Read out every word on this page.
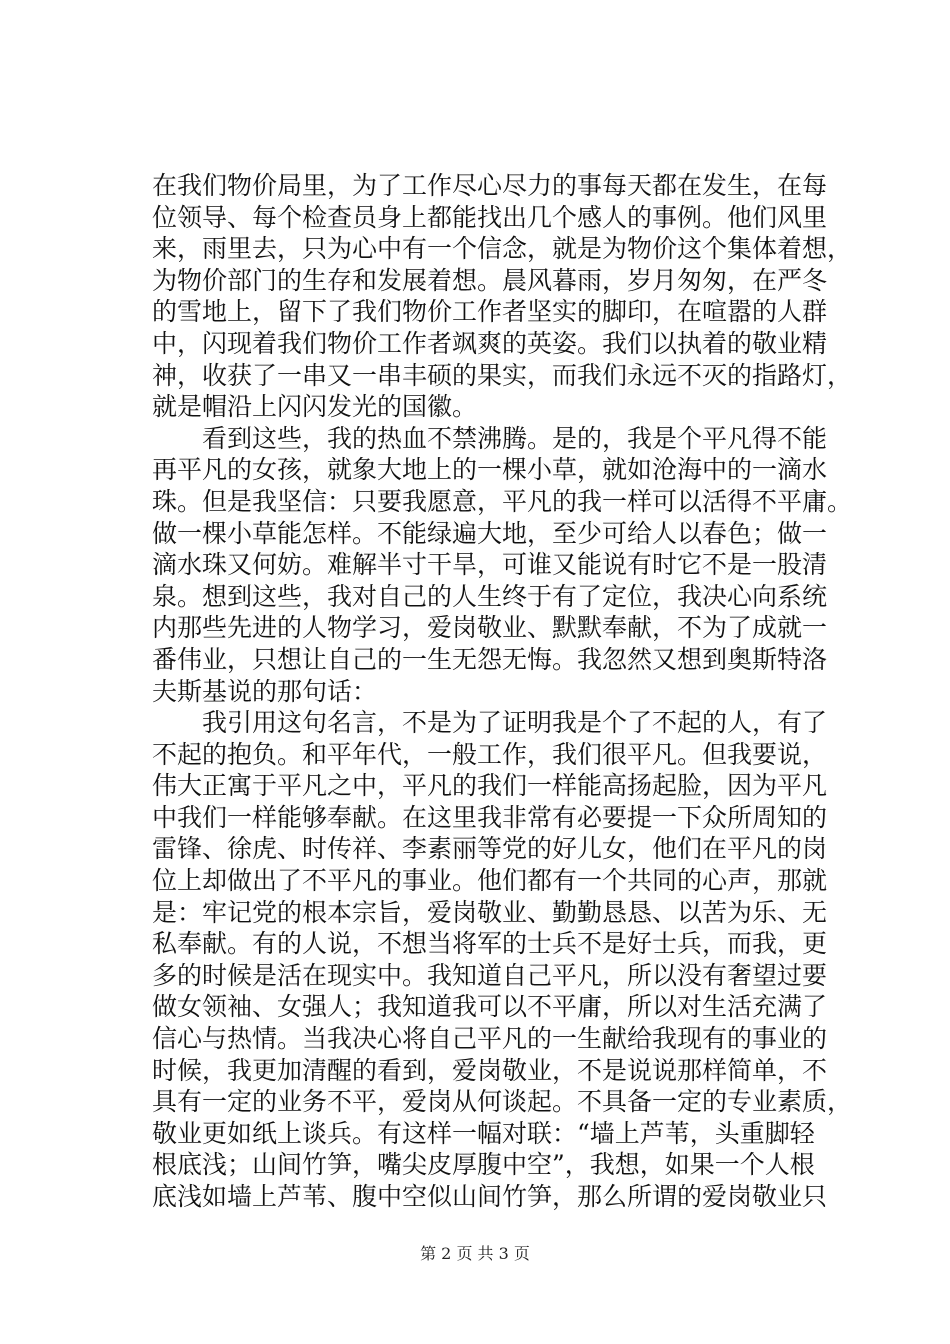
在我们物价局里，为了工作尽心尽力的事每天都在发生，在每
位领导、每个检查员身上都能找出几个感人的事例。他们风里
来，雨里去，只为心中有一个信念，就是为物价这个集体着想，
为物价部门的生存和发展着想。晨风暮雨，岁月匆匆，在严冬
的雪地上，留下了我们物价工作者坚实的脚印，在喧嚣的人群
中，闪现着我们物价工作者飒爽的英姿。我们以执着的敬业精
神，收获了一串又一串丰硕的果实，而我们永远不灭的指路灯，
就是帽沿上闪闪发光的国徽。
看到这些，我的热血不禁沸腾。是的，我是个平凡得不能
再平凡的女孩，就象大地上的一棵小草，就如沧海中的一滴水
珠。但是我坚信：只要我愿意，平凡的我一样可以活得不平庸。
做一棵小草能怎样。不能绿遍大地，至少可给人以春色；做一
滴水珠又何妨。难解半寸干旱，可谁又能说有时它不是一股清
泉。想到这些，我对自己的人生终于有了定位，我决心向系统
内那些先进的人物学习，爱岗敬业、默默奉献，不为了成就一
番伟业，只想让自己的一生无怨无悔。我忽然又想到奥斯特洛
夫斯基说的那句话：
我引用这句名言，不是为了证明我是个了不起的人，有了
不起的抱负。和平年代，一般工作，我们很平凡。但我要说，
伟大正寓于平凡之中，平凡的我们一样能高扬起脸，因为平凡
中我们一样能够奉献。在这里我非常有必要提一下众所周知的
雷锋、徐虎、时传祥、李素丽等党的好儿女，他们在平凡的岗
位上却做出了不平凡的事业。他们都有一个共同的心声，那就
是：牢记党的根本宗旨，爱岗敬业、勤勤恳恳、以苦为乐、无
私奉献。有的人说，不想当将军的士兵不是好士兵，而我，更
多的时候是活在现实中。我知道自己平凡，所以没有奢望过要
做女领袖、女强人；我知道我可以不平庸，所以对生活充满了
信心与热情。当我决心将自己平凡的一生献给我现有的事业的
时候，我更加清醒的看到，爱岗敬业，不是说说那样简单，不
具有一定的业务不平，爱岗从何谈起。不具备一定的专业素质，
敬业更如纸上谈兵。有这样一幅对联：“墙上芦苇，头重脚轻
根底浅；山间竹笋，嘴尖皮厚腹中空”，我想，如果一个人根
底浅如墙上芦苇、腹中空似山间竹笋，那么所谓的爱岗敬业只
第 2 页 共 3 页
